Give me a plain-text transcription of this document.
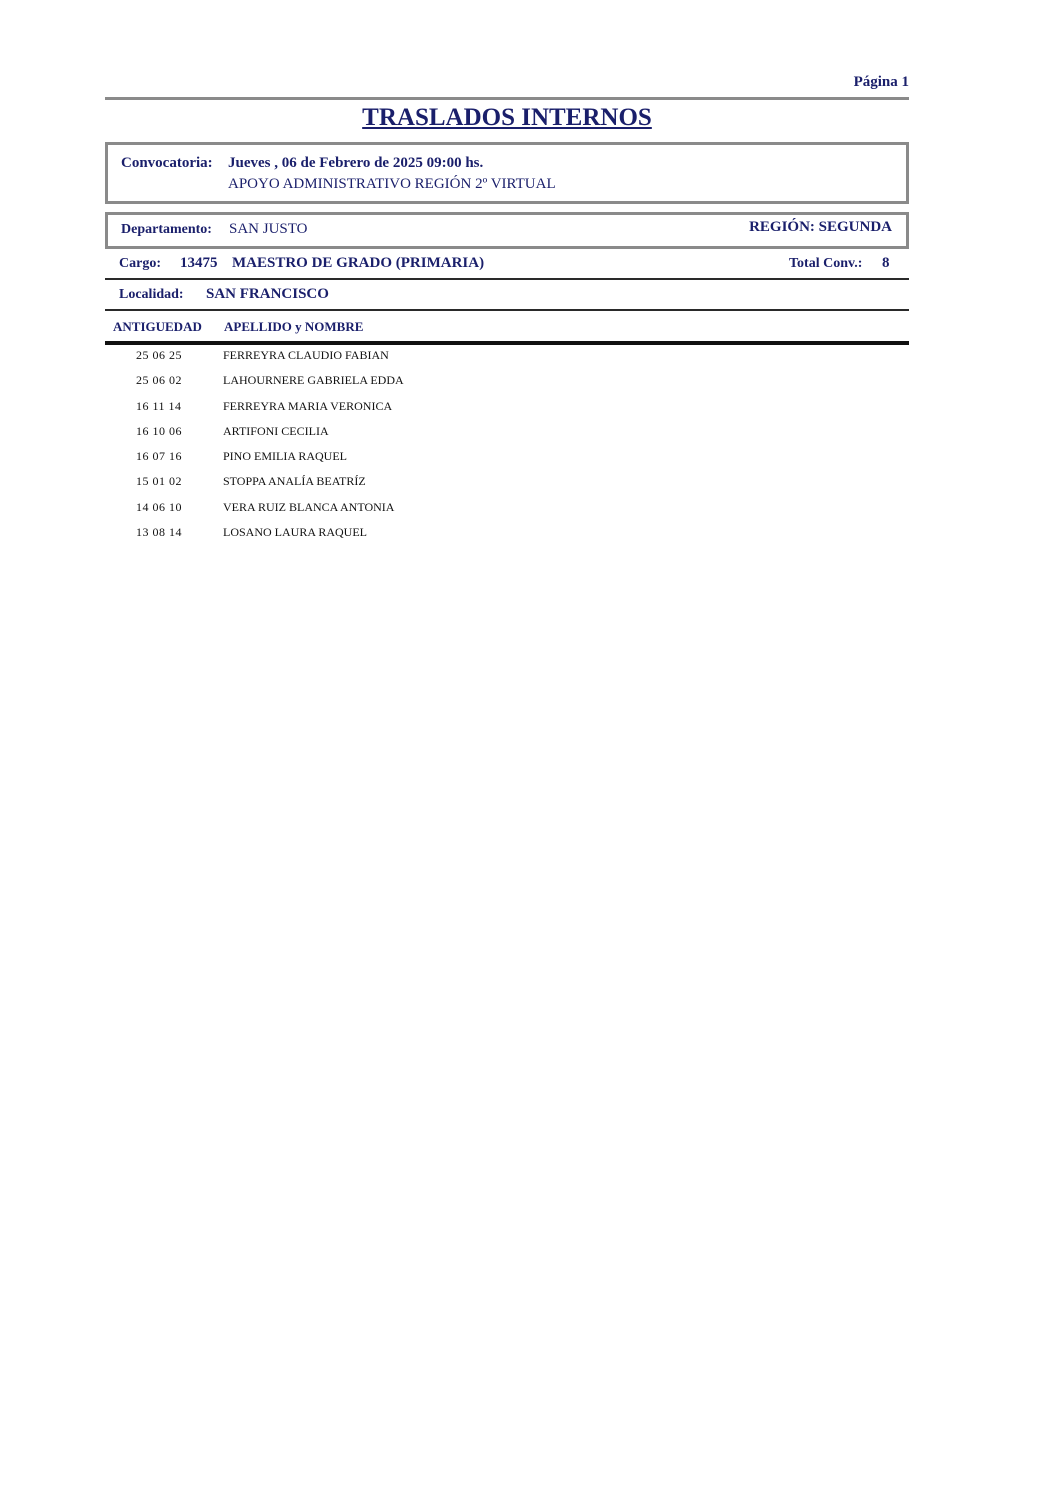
Página 1
TRASLADOS INTERNOS
Convocatoria: Jueves , 06 de Febrero de 2025 09:00 hs.
APOYO ADMINISTRATIVO REGIÓN 2º VIRTUAL
Departamento: SAN JUSTO	REGIÓN: SEGUNDA
Cargo: 13475 MAESTRO DE GRADO (PRIMARIA)	Total Conv.: 8
Localidad: SAN FRANCISCO
ANTIGUEDAD APELLIDO y NOMBRE
25 06 25	FERREYRA CLAUDIO FABIAN
25 06 02	LAHOURNERE GABRIELA EDDA
16 11 14	FERREYRA MARIA VERONICA
16 10 06	ARTIFONI CECILIA
16 07 16	PINO EMILIA RAQUEL
15 01 02	STOPPA ANALÍA BEATRÍZ
14 06 10	VERA RUIZ BLANCA ANTONIA
13 08 14	LOSANO LAURA RAQUEL
